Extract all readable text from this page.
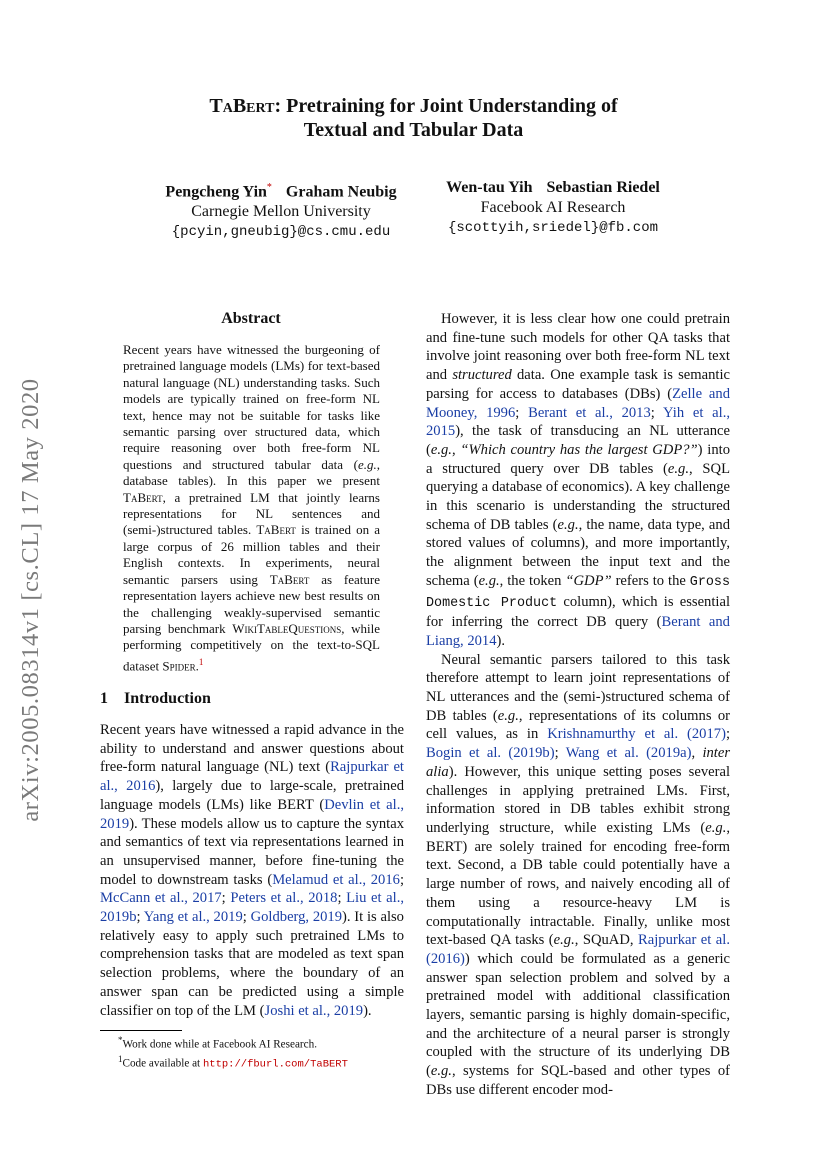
arXiv:2005.08314v1 [cs.CL] 17 May 2020
TaBert: Pretraining for Joint Understanding of
Textual and Tabular Data
Pengcheng Yin* Graham Neubig
Carnegie Mellon University
{pcyin,gneubig}@cs.cmu.edu
Wen-tau Yih Sebastian Riedel
Facebook AI Research
{scottyih,sriedel}@fb.com
Abstract
Recent years have witnessed the burgeoning of pretrained language models (LMs) for text-based natural language (NL) understanding tasks. Such models are typically trained on free-form NL text, hence may not be suitable for tasks like semantic parsing over structured data, which require reasoning over both free-form NL questions and structured tabular data (e.g., database tables). In this paper we present TaBert, a pretrained LM that jointly learns representations for NL sentences and (semi-)structured tables. TaBert is trained on a large corpus of 26 million tables and their English contexts. In experiments, neural semantic parsers using TaBert as feature representation layers achieve new best results on the challenging weakly-supervised semantic parsing benchmark WikiTableQuestions, while performing competitively on the text-to-SQL dataset Spider.$^1$
1 Introduction

Recent years have witnessed a rapid advance in the ability to understand and answer questions about free-form natural language (NL) text (Rajpurkar et al., 2016), largely due to large-scale, pretrained language models (LMs) like BERT (Devlin et al., 2019). These models allow us to capture the syntax and semantics of text via representations learned in an unsupervised manner, before fine-tuning the model to downstream tasks (Melamud et al., 2016; McCann et al., 2017; Peters et al., 2018; Liu et al., 2019b; Yang et al., 2019; Goldberg, 2019). It is also relatively easy to apply such pretrained LMs to comprehension tasks that are modeled as text span selection problems, where the boundary of an answer span can be predicted using a simple classifier on top of the LM (Joshi et al., 2019).

However, it is less clear how one could pretrain and fine-tune such models for other QA tasks that involve joint reasoning over both free-form NL text and structured data. One example task is semantic parsing for access to databases (DBs) (Zelle and Mooney, 1996; Berant et al., 2013; Yih et al., 2015), the task of transducing an NL utterance (e.g., “Which country has the largest GDP?”) into a structured query over DB tables (e.g., SQL querying a database of economics). A key challenge in this scenario is understanding the structured schema of DB tables (e.g., the name, data type, and stored values of columns), and more importantly, the alignment between the input text and the schema (e.g., the token “GDP” refers to the Gross Domestic Product column), which is essential for inferring the correct DB query (Berant and Liang, 2014).

Neural semantic parsers tailored to this task therefore attempt to learn joint representations of NL utterances and the (semi-)structured schema of DB tables (e.g., representations of its columns or cell values, as in Krishnamurthy et al. (2017); Bogin et al. (2019b); Wang et al. (2019a), inter alia). However, this unique setting poses several challenges in applying pretrained LMs. First, information stored in DB tables exhibit strong underlying structure, while existing LMs (e.g., BERT) are solely trained for encoding free-form text. Second, a DB table could potentially have a large number of rows, and naively encoding all of them using a resource-heavy LM is computationally intractable. Finally, unlike most text-based QA tasks (e.g., SQuAD, Rajpurkar et al. (2016)) which could be formulated as a generic answer span selection problem and solved by a pretrained model with additional classification layers, semantic parsing is highly domain-specific, and the architecture of a neural parser is strongly coupled with the structure of its underlying DB (e.g., systems for SQL-based and other types of DBs use different encoder mod-

*Work done while at Facebook AI Research.
$^1$Code available at http://fburl.com/TaBERT
